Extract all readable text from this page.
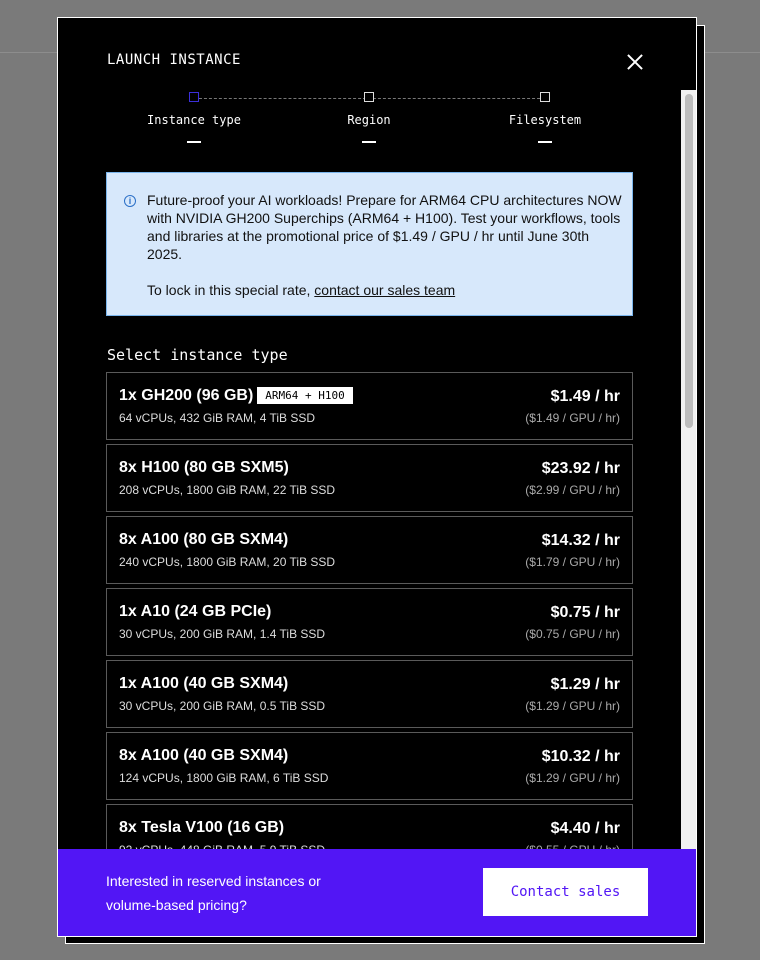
LAUNCH INSTANCE
Instance type	Region	Filesystem
i	Future-proof your AI workloads! Prepare for ARM64 CPU architectures NOW with NVIDIA GH200 Superchips (ARM64 + H100). Test your workflows, tools and libraries at the promotional price of $1.49 / GPU / hr until June 30th 2025.

To lock in this special rate, contact our sales team

Select instance type
1x GH200 (96 GB) ARM64 + H100
64 vCPUs, 432 GiB RAM, 4 TiB SSD
$1.49 / hr
($1.49 / GPU / hr)
8x H100 (80 GB SXM5)
208 vCPUs, 1800 GiB RAM, 22 TiB SSD
$23.92 / hr
($2.99 / GPU / hr)
8x A100 (80 GB SXM4)
240 vCPUs, 1800 GiB RAM, 20 TiB SSD
$14.32 / hr
($1.79 / GPU / hr)
1x A10 (24 GB PCIe)
30 vCPUs, 200 GiB RAM, 1.4 TiB SSD
$0.75 / hr
($0.75 / GPU / hr)
1x A100 (40 GB SXM4)
30 vCPUs, 200 GiB RAM, 0.5 TiB SSD
$1.29 / hr
($1.29 / GPU / hr)
8x A100 (40 GB SXM4)
124 vCPUs, 1800 GiB RAM, 6 TiB SSD
$10.32 / hr
($1.29 / GPU / hr)
8x Tesla V100 (16 GB)	$4.40 / hr
Interested in reserved instances or volume-based pricing?
Contact sales
